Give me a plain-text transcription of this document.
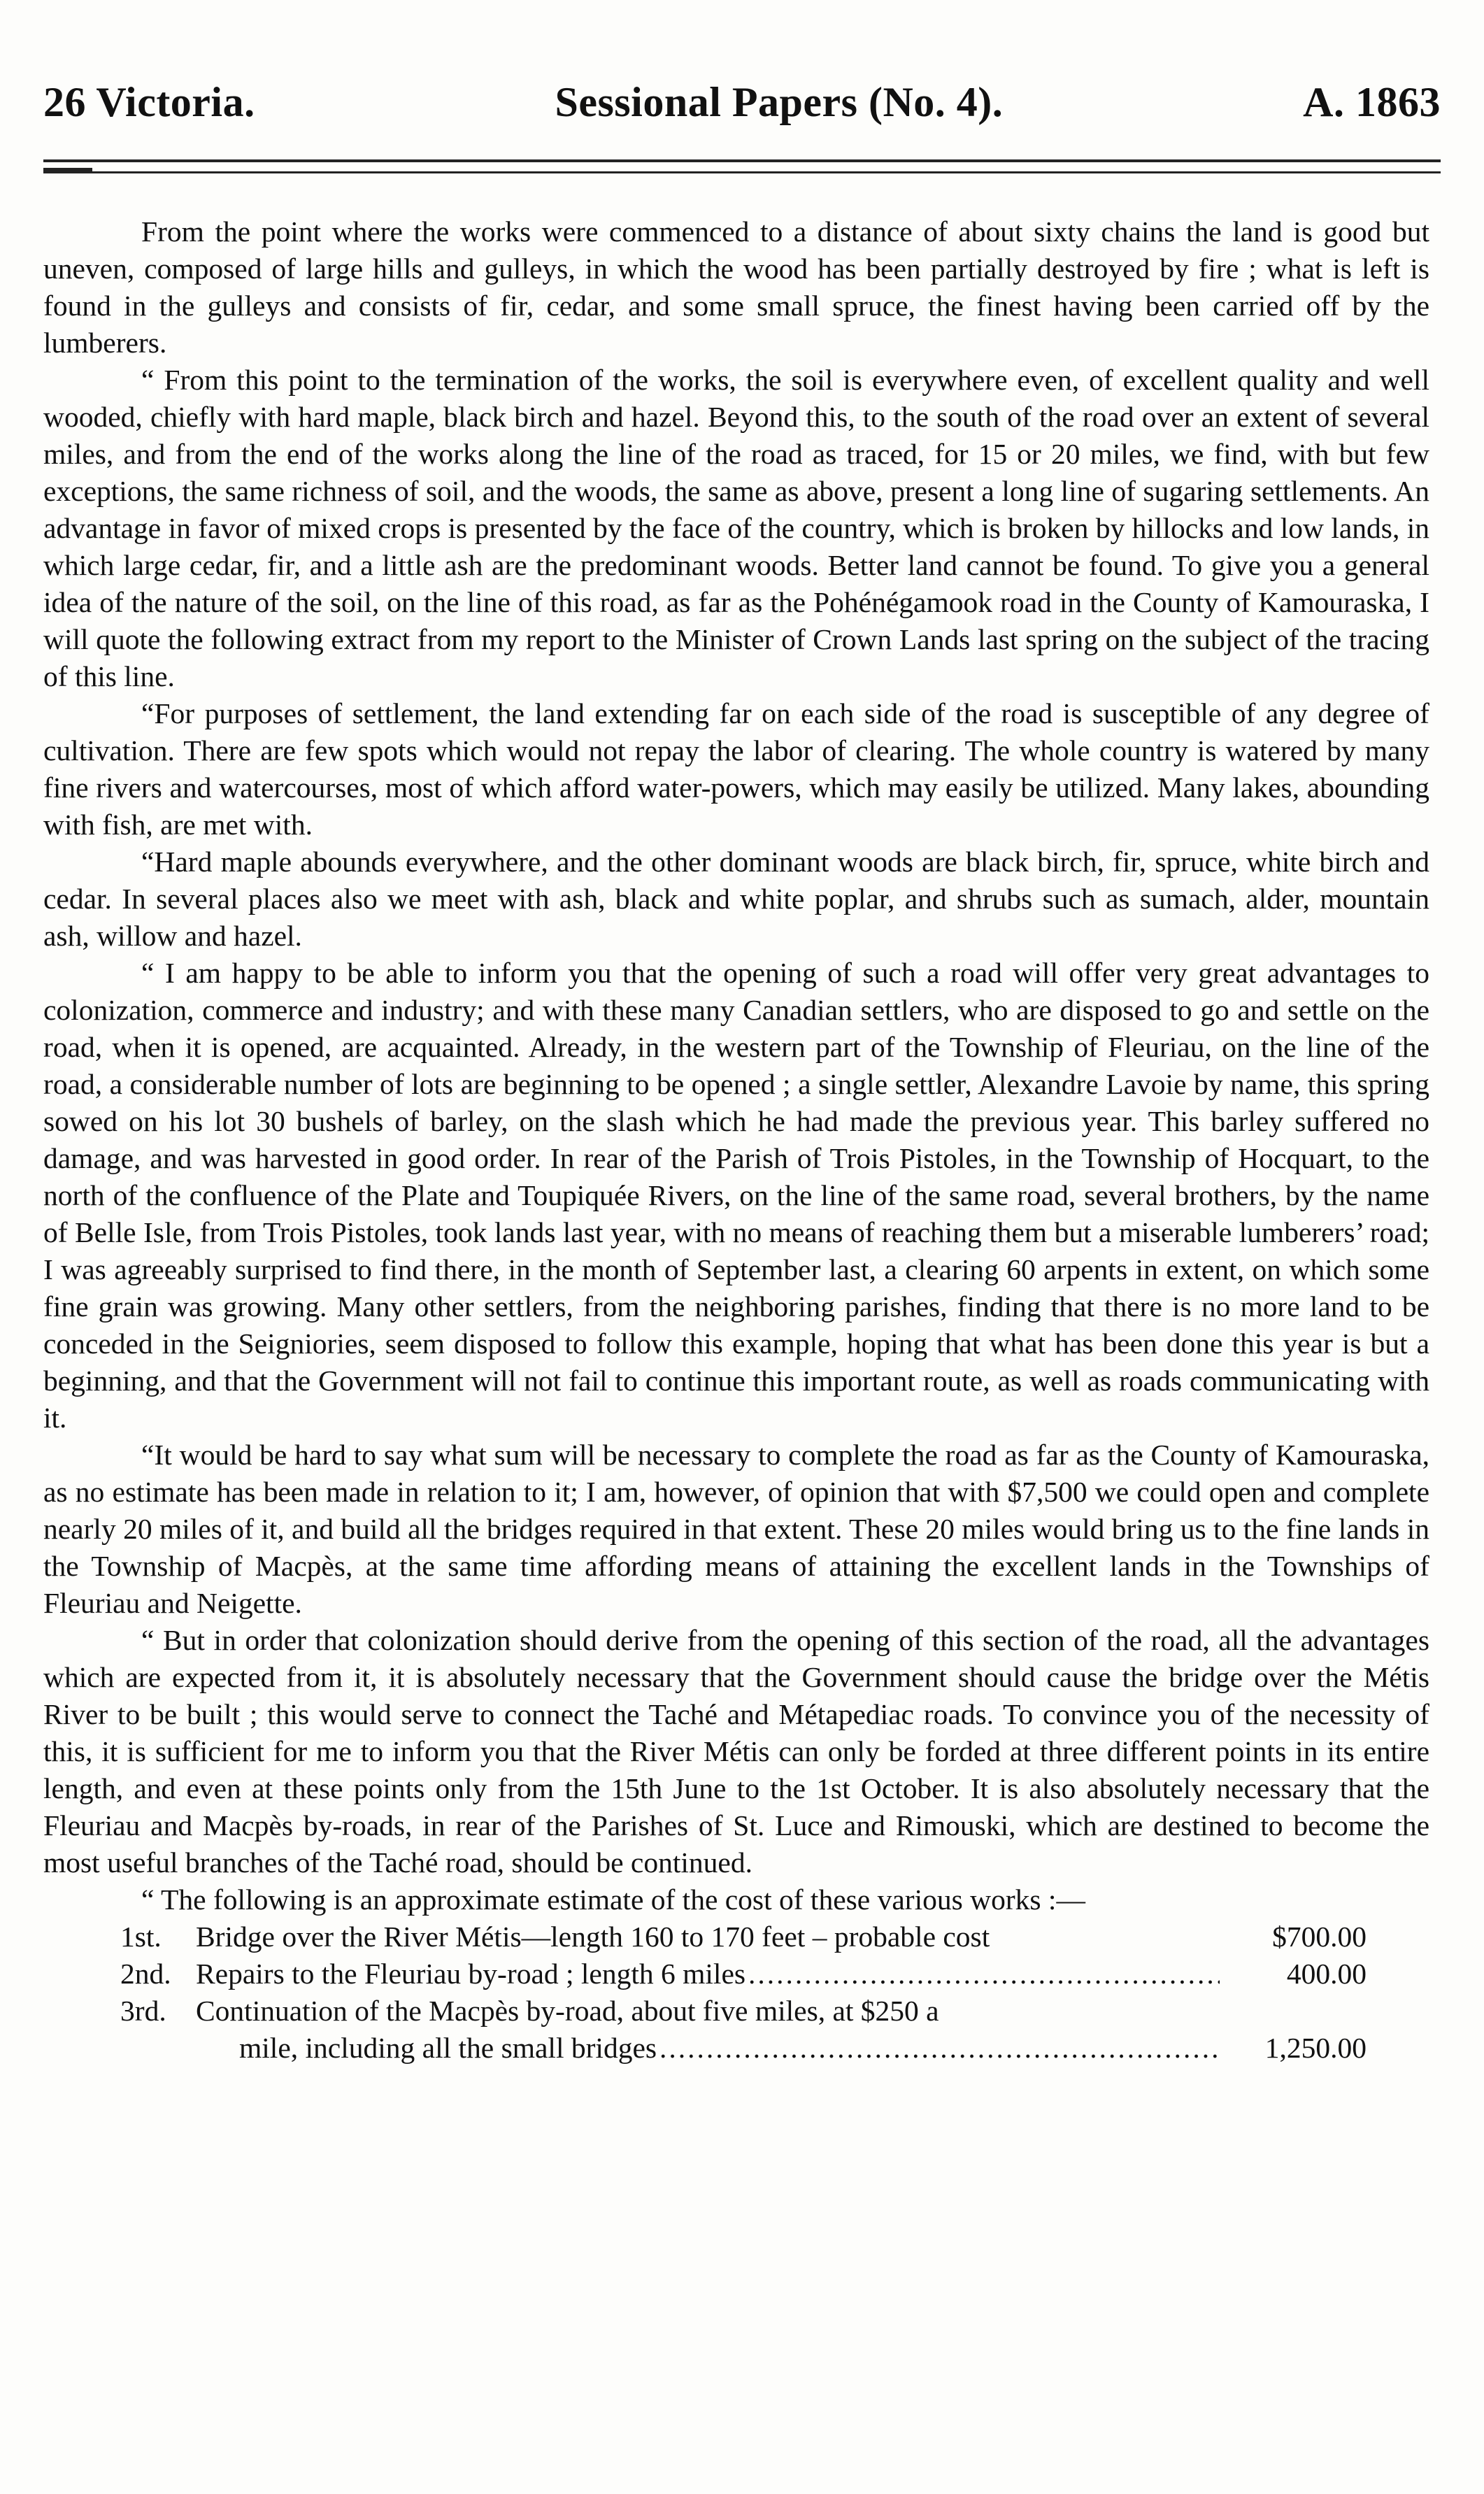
26 Victoria.	Sessional Papers (No. 4).	A. 1863

From the point where the works were commenced to a distance of about sixty chains the land is good but uneven, composed of large hills and gulleys, in which the wood has been partially destroyed by fire ; what is left is found in the gulleys and consists of fir, cedar, and some small spruce, the finest having been carried off by the lumberers.

“ From this point to the termination of the works, the soil is everywhere even, of excellent quality and well wooded, chiefly with hard maple, black birch and hazel. Beyond this, to the south of the road over an extent of several miles, and from the end of the works along the line of the road as traced, for 15 or 20 miles, we find, with but few exceptions, the same richness of soil, and the woods, the same as above, present a long line of sugaring settlements. An advantage in favor of mixed crops is presented by the face of the country, which is broken by hillocks and low lands, in which large cedar, fir, and a little ash are the predominant woods. Better land cannot be found. To give you a general idea of the nature of the soil, on the line of this road, as far as the Pohénégamook road in the County of Kamouraska, I will quote the following extract from my report to the Minister of Crown Lands last spring on the subject of the tracing of this line.

“For purposes of settlement, the land extending far on each side of the road is susceptible of any degree of cultivation. There are few spots which would not repay the labor of clearing. The whole country is watered by many fine rivers and watercourses, most of which afford water-powers, which may easily be utilized. Many lakes, abounding with fish, are met with.

“Hard maple abounds everywhere, and the other dominant woods are black birch, fir, spruce, white birch and cedar. In several places also we meet with ash, black and white poplar, and shrubs such as sumach, alder, mountain ash, willow and hazel.

“ I am happy to be able to inform you that the opening of such a road will offer very great advantages to colonization, commerce and industry; and with these many Canadian settlers, who are disposed to go and settle on the road, when it is opened, are acquainted. Already, in the western part of the Township of Fleuriau, on the line of the road, a considerable number of lots are beginning to be opened ; a single settler, Alexandre Lavoie by name, this spring sowed on his lot 30 bushels of barley, on the slash which he had made the previous year. This barley suffered no damage, and was harvested in good order. In rear of the Parish of Trois Pistoles, in the Township of Hocquart, to the north of the confluence of the Plate and Toupiquée Rivers, on the line of the same road, several brothers, by the name of Belle Isle, from Trois Pistoles, took lands last year, with no means of reaching them but a miserable lumberers’ road; I was agreeably surprised to find there, in the month of September last, a clearing 60 arpents in extent, on which some fine grain was growing. Many other settlers, from the neighboring parishes, finding that there is no more land to be conceded in the Seigniories, seem disposed to follow this example, hoping that what has been done this year is but a beginning, and that the Government will not fail to continue this important route, as well as roads communicating with it.

“It would be hard to say what sum will be necessary to complete the road as far as the County of Kamouraska, as no estimate has been made in relation to it; I am, however, of opinion that with $7,500 we could open and complete nearly 20 miles of it, and build all the bridges required in that extent. These 20 miles would bring us to the fine lands in the Township of Macpès, at the same time affording means of attaining the excellent lands in the Townships of Fleuriau and Neigette.

“ But in order that colonization should derive from the opening of this section of the road, all the advantages which are expected from it, it is absolutely necessary that the Government should cause the bridge over the Métis River to be built ; this would serve to connect the Taché and Métapediac roads. To convince you of the necessity of this, it is sufficient for me to inform you that the River Métis can only be forded at three different points in its entire length, and even at these points only from the 15th June to the 1st October. It is also absolutely necessary that the Fleuriau and Macpès by-roads, in rear of the Parishes of St. Luce and Rimouski, which are destined to become the most useful branches of the Taché road, should be continued.

“ The following is an approximate estimate of the cost of these various works :—

1st.	Bridge over the River Métis—length 160 to 170 feet – probable cost	$700.00
2nd. Repairs to the Fleuriau by-road ; length 6 miles .....	400.00
3rd.	Continuation of the Macpès by-road, about five miles, at $250 a
mile, including all the small bridges .....	1,250.00
